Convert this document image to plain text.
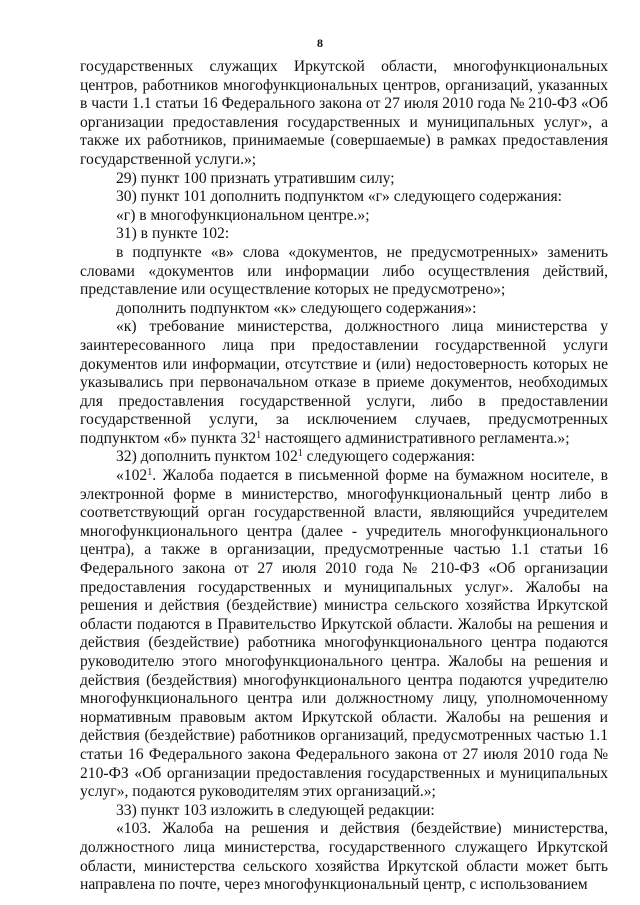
8

государственных служащих Иркутской области, многофункциональных центров, работников многофункциональных центров, организаций, указанных в части 1.1 статьи 16 Федерального закона от 27 июля 2010 года № 210-ФЗ «Об организации предоставления государственных и муниципальных услуг», а также их работников, принимаемые (совершаемые) в рамках предоставления государственной услуги.»;

29) пункт 100 признать утратившим силу;

30) пункт 101 дополнить подпунктом «г» следующего содержания:

«г) в многофункциональном центре.»;

31) в пункте 102:

в подпункте «в» слова «документов, не предусмотренных» заменить словами «документов или информации либо осуществления действий, представление или осуществление которых не предусмотрено»;

дополнить подпунктом «к» следующего содержания»:

«к) требование министерства, должностного лица министерства у заинтересованного лица при предоставлении государственной услуги документов или информации, отсутствие и (или) недостоверность которых не указывались при первоначальном отказе в приеме документов, необходимых для предоставления государственной услуги, либо в предоставлении государственной услуги, за исключением случаев, предусмотренных подпунктом «б» пункта $32^1$ настоящего административного регламента.»;

32) дополнить пунктом $102^1$ следующего содержания:

«$102^1$. Жалоба подается в письменной форме на бумажном носителе, в электронной форме в министерство, многофункциональный центр либо в соответствующий орган государственной власти, являющийся учредителем многофункционального центра (далее - учредитель многофункционального центра), а также в организации, предусмотренные частью 1.1 статьи 16 Федерального закона от 27 июля 2010 года № 210-ФЗ «Об организации предоставления государственных и муниципальных услуг». Жалобы на решения и действия (бездействие) министра сельского хозяйства Иркутской области подаются в Правительство Иркутской области. Жалобы на решения и действия (бездействие) работника многофункционального центра подаются руководителю этого многофункционального центра. Жалобы на решения и действия (бездействия) многофункционального центра подаются учредителю многофункционального центра или должностному лицу, уполномоченному нормативным правовым актом Иркутской области. Жалобы на решения и действия (бездействие) работников организаций, предусмотренных частью 1.1 статьи 16 Федерального закона Федерального закона от 27 июля 2010 года № 210-ФЗ «Об организации предоставления государственных и муниципальных услуг», подаются руководителям этих организаций.»;

33) пункт 103 изложить в следующей редакции:

«103. Жалоба на решения и действия (бездействие) министерства, должностного лица министерства, государственного служащего Иркутской области, министерства сельского хозяйства Иркутской области может быть направлена по почте, через многофункциональный центр, с использованием
